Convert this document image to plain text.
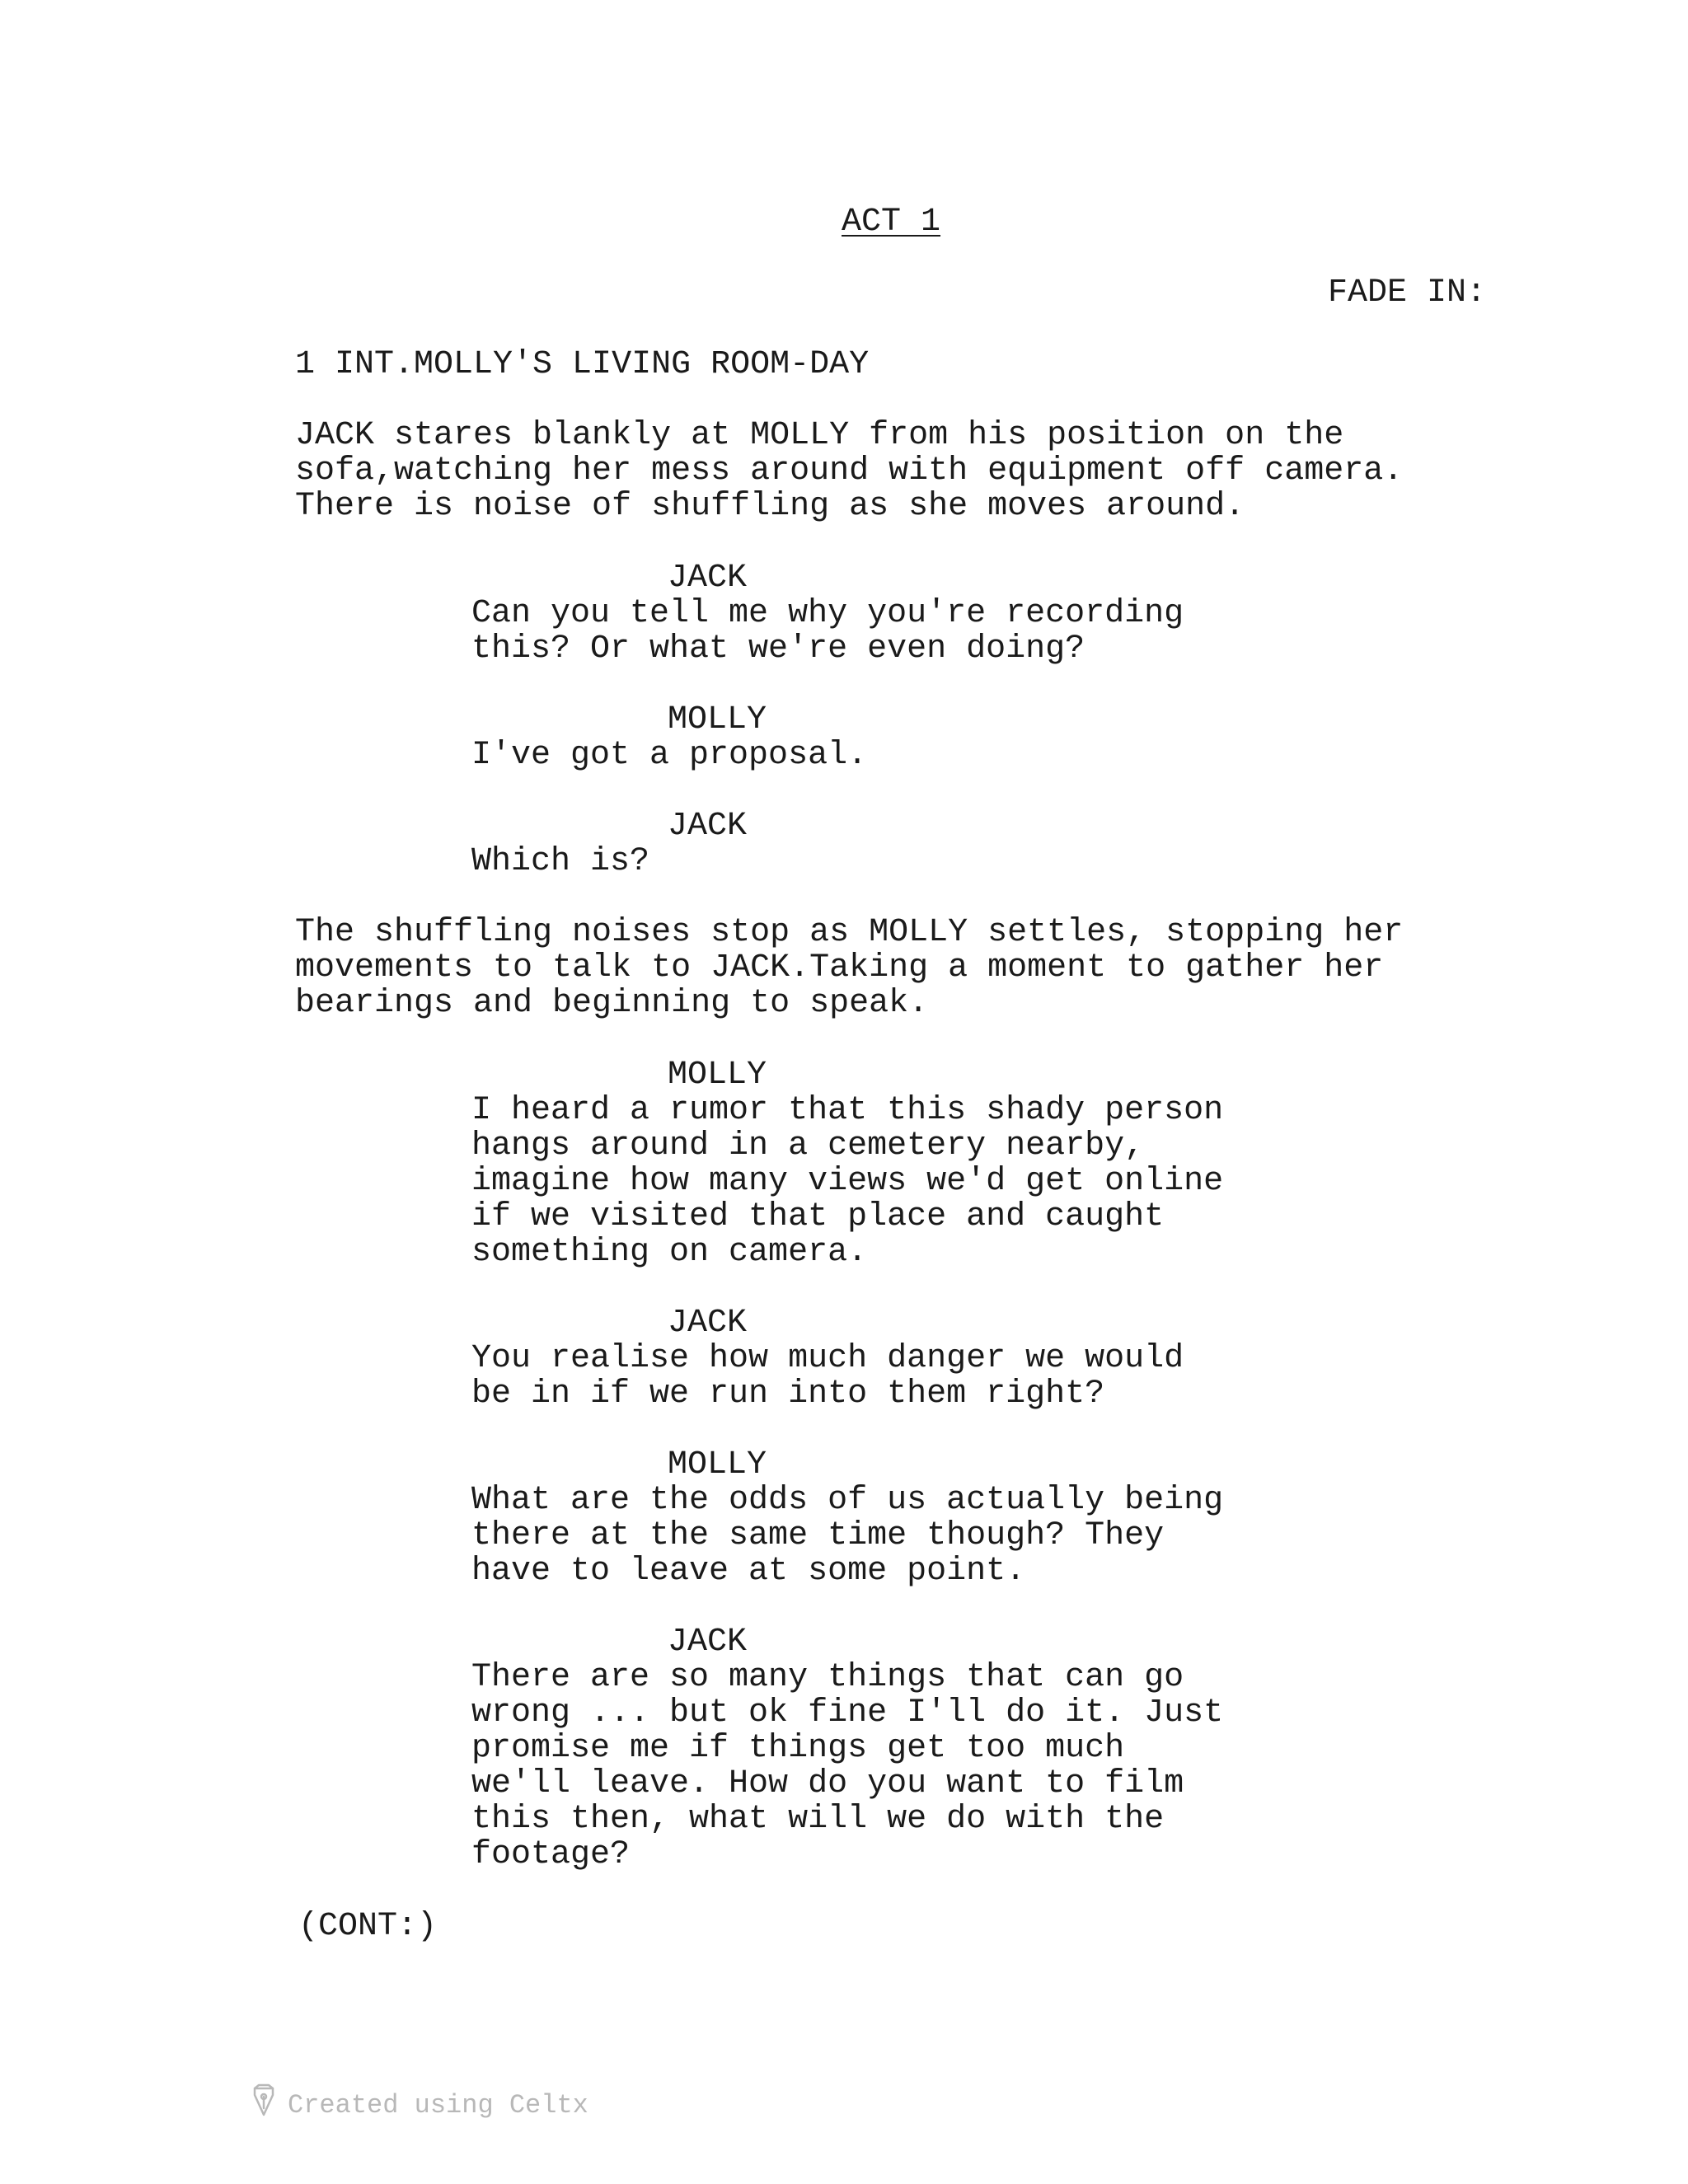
ACT 1
FADE IN:
1 INT.MOLLY'S LIVING ROOM-DAY
JACK stares blankly at MOLLY from his position on the
sofa,watching her mess around with equipment off camera.
There is noise of shuffling as she moves around.
JACK
Can you tell me why you're recording
this? Or what we're even doing?
MOLLY
I've got a proposal.
JACK
Which is?
The shuffling noises stop as MOLLY settles, stopping her
movements to talk to JACK.Taking a moment to gather her
bearings and beginning to speak.
MOLLY
I heard a rumor that this shady person
hangs around in a cemetery nearby,
imagine how many views we'd get online
if we visited that place and caught
something on camera.
JACK
You realise how much danger we would
be in if we run into them right?
MOLLY
What are the odds of us actually being
there at the same time though? They
have to leave at some point.
JACK
There are so many things that can go
wrong ... but ok fine I'll do it. Just
promise me if things get too much
we'll leave. How do you want to film
this then, what will we do with the
footage?
(CONT:)
Created using Celtx
